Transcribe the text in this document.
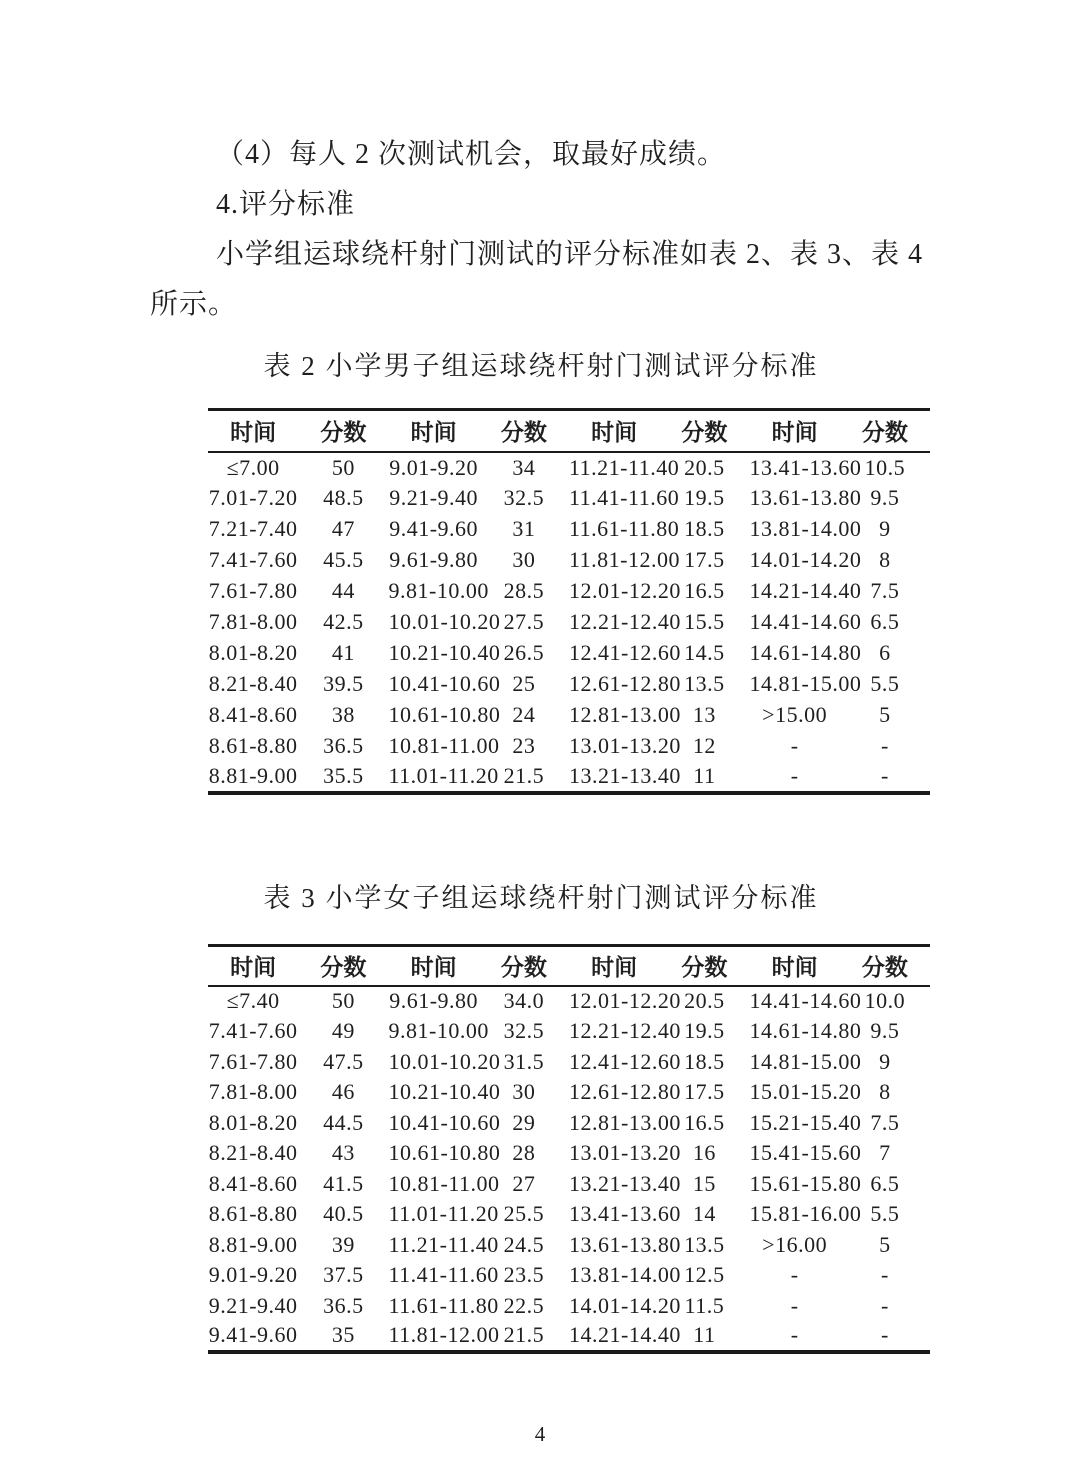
（4）每人 2 次测试机会，取最好成绩。

4.评分标准

小学组运球绕杆射门测试的评分标准如表 2、表 3、表 4

所示。

表 2 小学男子组运球绕杆射门测试评分标准
时间	分数	时间	分数	时间	分数	时间	分数
≤7.00	50	9.01-9.20	34	11.21-11.40	20.5	13.41-13.60	10.5
7.01-7.20	48.5	9.21-9.40	32.5	11.41-11.60	19.5	13.61-13.80	9.5
7.21-7.40	47	9.41-9.60	31	11.61-11.80	18.5	13.81-14.00	9
7.41-7.60	45.5	9.61-9.80	30	11.81-12.00	17.5	14.01-14.20	8
7.61-7.80	44	9.81-10.00	28.5	12.01-12.20	16.5	14.21-14.40	7.5
7.81-8.00	42.5	10.01-10.20	27.5	12.21-12.40	15.5	14.41-14.60	6.5
8.01-8.20	41	10.21-10.40	26.5	12.41-12.60	14.5	14.61-14.80	6
8.21-8.40	39.5	10.41-10.60	25	12.61-12.80	13.5	14.81-15.00	5.5
8.41-8.60	38	10.61-10.80	24	12.81-13.00	13	>15.00	5
8.61-8.80	36.5	10.81-11.00	23	13.01-13.20	12	-	-
8.81-9.00	35.5	11.01-11.20	21.5	13.21-13.40	11	-	-
表 3 小学女子组运球绕杆射门测试评分标准
时间	分数	时间	分数	时间	分数	时间	分数
≤7.40	50	9.61-9.80	34.0	12.01-12.20	20.5	14.41-14.60	10.0
7.41-7.60	49	9.81-10.00	32.5	12.21-12.40	19.5	14.61-14.80	9.5
7.61-7.80	47.5	10.01-10.20	31.5	12.41-12.60	18.5	14.81-15.00	9
7.81-8.00	46	10.21-10.40	30	12.61-12.80	17.5	15.01-15.20	8
8.01-8.20	44.5	10.41-10.60	29	12.81-13.00	16.5	15.21-15.40	7.5
8.21-8.40	43	10.61-10.80	28	13.01-13.20	16	15.41-15.60	7
8.41-8.60	41.5	10.81-11.00	27	13.21-13.40	15	15.61-15.80	6.5
8.61-8.80	40.5	11.01-11.20	25.5	13.41-13.60	14	15.81-16.00	5.5
8.81-9.00	39	11.21-11.40	24.5	13.61-13.80	13.5	>16.00	5
9.01-9.20	37.5	11.41-11.60	23.5	13.81-14.00	12.5	-	-
9.21-9.40	36.5	11.61-11.80	22.5	14.01-14.20	11.5	-	-
9.41-9.60	35	11.81-12.00	21.5	14.21-14.40	11	-	-
4
